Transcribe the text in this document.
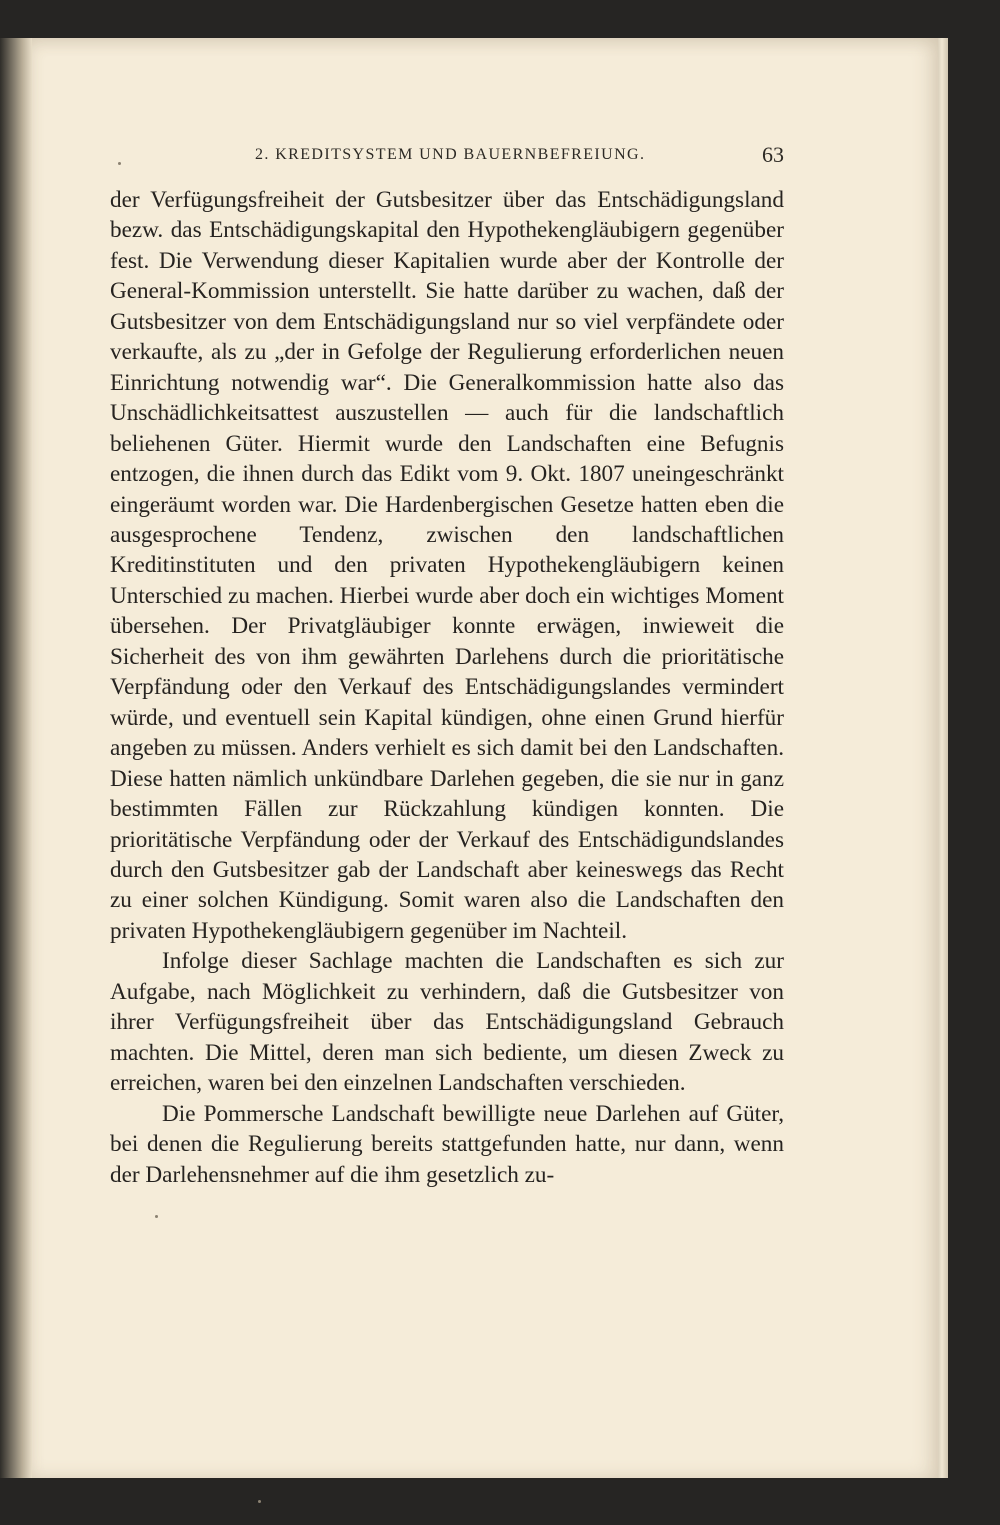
2. KREDITSYSTEM UND BAUERNBEFREIUNG.	63

der Verfügungsfreiheit der Gutsbesitzer über das Entschädigungsland bezw. das Entschädigungskapital den Hypothekengläubigern gegenüber fest. Die Verwendung dieser Kapitalien wurde aber der Kontrolle der General-Kommission unterstellt. Sie hatte darüber zu wachen, daß der Gutsbesitzer von dem Entschädigungsland nur so viel verpfändete oder verkaufte, als zu „der in Gefolge der Regulierung erforderlichen neuen Einrichtung notwendig war“. Die Generalkommission hatte also das Unschädlichkeitsattest auszustellen — auch für die landschaftlich beliehenen Güter. Hiermit wurde den Landschaften eine Befugnis entzogen, die ihnen durch das Edikt vom 9. Okt. 1807 uneingeschränkt eingeräumt worden war. Die Hardenbergischen Gesetze hatten eben die ausgesprochene Tendenz, zwischen den landschaftlichen Kreditinstituten und den privaten Hypothekengläubigern keinen Unterschied zu machen. Hierbei wurde aber doch ein wichtiges Moment übersehen. Der Privatgläubiger konnte erwägen, inwieweit die Sicherheit des von ihm gewährten Darlehens durch die prioritätische Verpfändung oder den Verkauf des Entschädigungslandes vermindert würde, und eventuell sein Kapital kündigen, ohne einen Grund hierfür angeben zu müssen. Anders verhielt es sich damit bei den Landschaften. Diese hatten nämlich unkündbare Darlehen gegeben, die sie nur in ganz bestimmten Fällen zur Rückzahlung kündigen konnten. Die prioritätische Verpfändung oder der Verkauf des Entschädigundslandes durch den Gutsbesitzer gab der Landschaft aber keineswegs das Recht zu einer solchen Kündigung. Somit waren also die Landschaften den privaten Hypothekengläubigern gegenüber im Nachteil.

Infolge dieser Sachlage machten die Landschaften es sich zur Aufgabe, nach Möglichkeit zu verhindern, daß die Gutsbesitzer von ihrer Verfügungsfreiheit über das Entschädigungsland Gebrauch machten. Die Mittel, deren man sich bediente, um diesen Zweck zu erreichen, waren bei den einzelnen Landschaften verschieden.

Die Pommersche Landschaft bewilligte neue Darlehen auf Güter, bei denen die Regulierung bereits stattgefunden hatte, nur dann, wenn der Darlehensnehmer auf die ihm gesetzlich zu-
